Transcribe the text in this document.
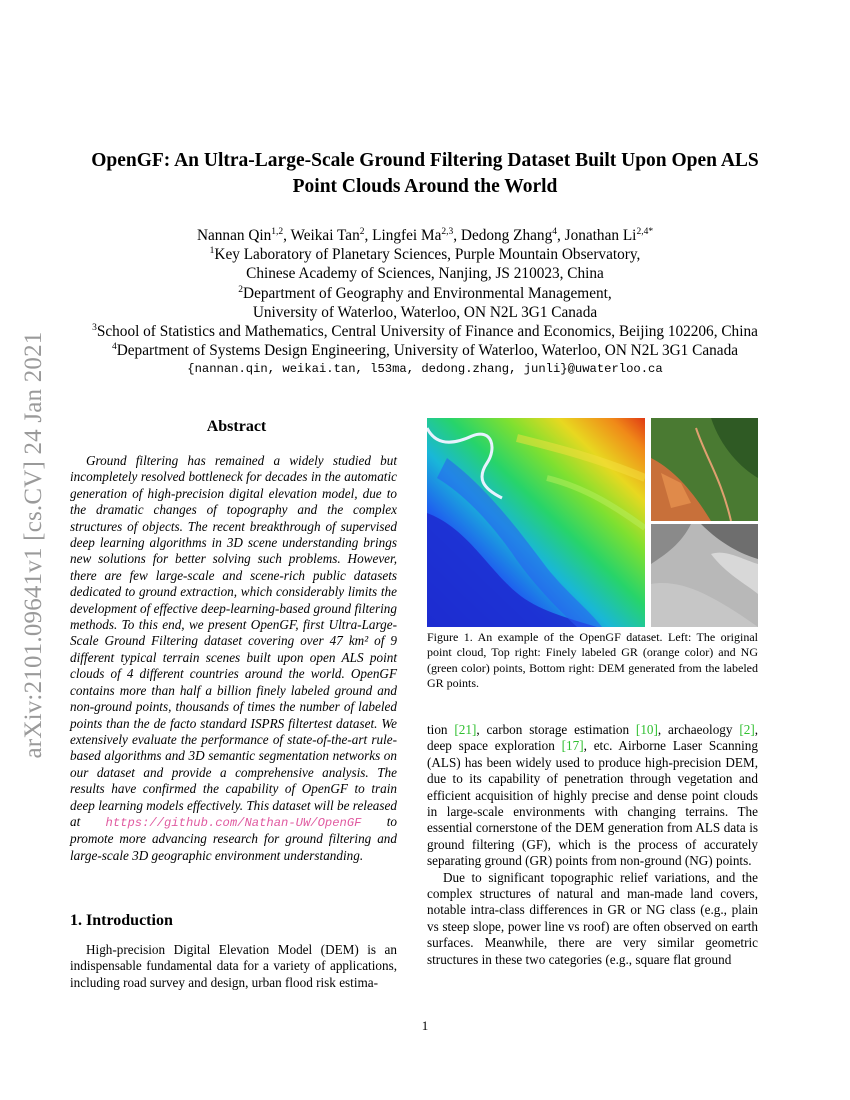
arXiv:2101.09641v1 [cs.CV] 24 Jan 2021
OpenGF: An Ultra-Large-Scale Ground Filtering Dataset Built Upon Open ALS
Point Clouds Around the World
Nannan Qin$^{1,2}$, Weikai Tan$^2$, Lingfei Ma$^{2,3}$, Dedong Zhang$^4$, Jonathan $Li^{2,4*}$
$^1$Key Laboratory of Planetary Sciences, Purple Mountain Observatory,
Chinese Academy of Sciences, Nanjing, JS 210023, China
$^2$Department of Geography and Environmental Management,
University of Waterloo, Waterloo, ON N2L 3G1 Canada
$^3$School of Statistics and Mathematics, Central University of Finance and Economics, Beijing 102206, China
$^4$Department of Systems Design Engineering, University of Waterloo, Waterloo, ON N2L 3G1 Canada
{nannan.qin, weikai.tan, l53ma, dedong.zhang, junli}@uwaterloo.ca
Abstract
Ground filtering has remained a widely studied but incompletely resolved bottleneck for decades in the automatic generation of high-precision digital elevation model, due to the dramatic changes of topography and the complex structures of objects. The recent breakthrough of supervised deep learning algorithms in 3D scene understanding brings new solutions for better solving such problems. However, there are few large-scale and scene-rich public datasets dedicated to ground extraction, which considerably limits the development of effective deep-learning-based ground filtering methods. To this end, we present OpenGF, first Ultra-Large-Scale Ground Filtering dataset covering over 47 km² of 9 different typical terrain scenes built upon open ALS point clouds of 4 different countries around the world. OpenGF contains more than half a billion finely labeled ground and non-ground points, thousands of times the number of labeled points than the de facto standard ISPRS filtertest dataset. We extensively evaluate the performance of state-of-the-art rule-based algorithms and 3D semantic segmentation networks on our dataset and provide a comprehensive analysis. The results have confirmed the capability of OpenGF to train deep learning models effectively. This dataset will be released at https://github.com/Nathan-UW/OpenGF to promote more advancing research for ground filtering and large-scale 3D geographic environment understanding.
1. Introduction
High-precision Digital Elevation Model (DEM) is an indispensable fundamental data for a variety of applications, including road survey and design, urban flood risk estima-
Figure 1. An example of the OpenGF dataset. Left: The original point cloud, Top right: Finely labeled GR (orange color) and NG (green color) points, Bottom right: DEM generated from the labeled GR points.

tion [21], carbon storage estimation [10], archaeology [2], deep space exploration [17], etc. Airborne Laser Scanning (ALS) has been widely used to produce high-precision DEM, due to its capability of penetration through vegetation and efficient acquisition of highly precise and dense point clouds in large-scale environments with changing terrains. The essential cornerstone of the DEM generation from ALS data is ground filtering (GF), which is the process of accurately separating ground (GR) points from non-ground (NG) points.

Due to significant topographic relief variations, and the complex structures of natural and man-made land covers, notable intra-class differences in GR or NG class (e.g., plain vs steep slope, power line vs roof) are often observed on earth surfaces. Meanwhile, there are very similar geometric structures in these two categories (e.g., square flat ground

1
